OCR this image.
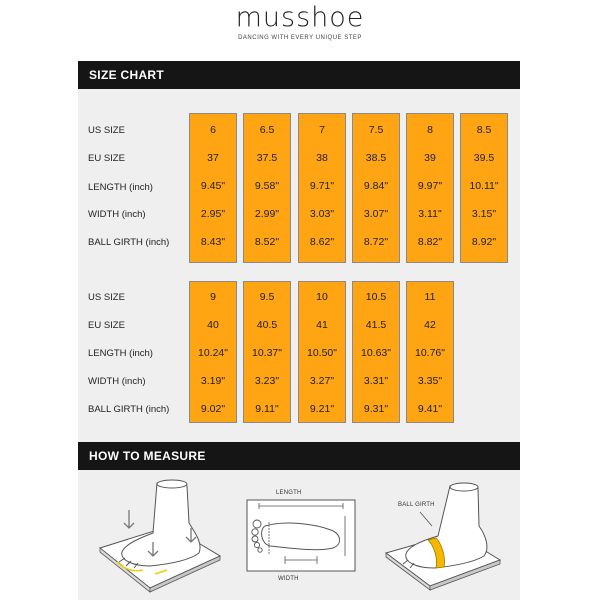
musshoe
DANCING WITH EVERY UNIQUE STEP
SIZE CHART
US SIZE
EU SIZE
LENGTH (inch)
WIDTH (inch)
BALL GIRTH (inch)
US SIZE
EU SIZE
LENGTH (inch)
WIDTH (inch)
BALL GIRTH (inch)
6
37
9.45"
2.95"
8.43"
6.5
37.5
9.58"
2.99"
8.52"
7
38
9.71"
3.03"
8.62"
7.5
38.5
9.84"
3.07"
8.72"
8
39
9.97"
3.11"
8.82"
8.5
39.5
10.11"
3.15"
8.92"
9
40
10.24"
3.19"
9.02"
9.5
40.5
10.37"
3.23"
9.11"
10
41
10.50"
3.27"
9.21"
10.5
41.5
10.63"
3.31"
9.31"
11
42
10.76"
3.35"
9.41"
HOW TO MEASURE
LENGTH
WIDTH
BALL GIRTH
